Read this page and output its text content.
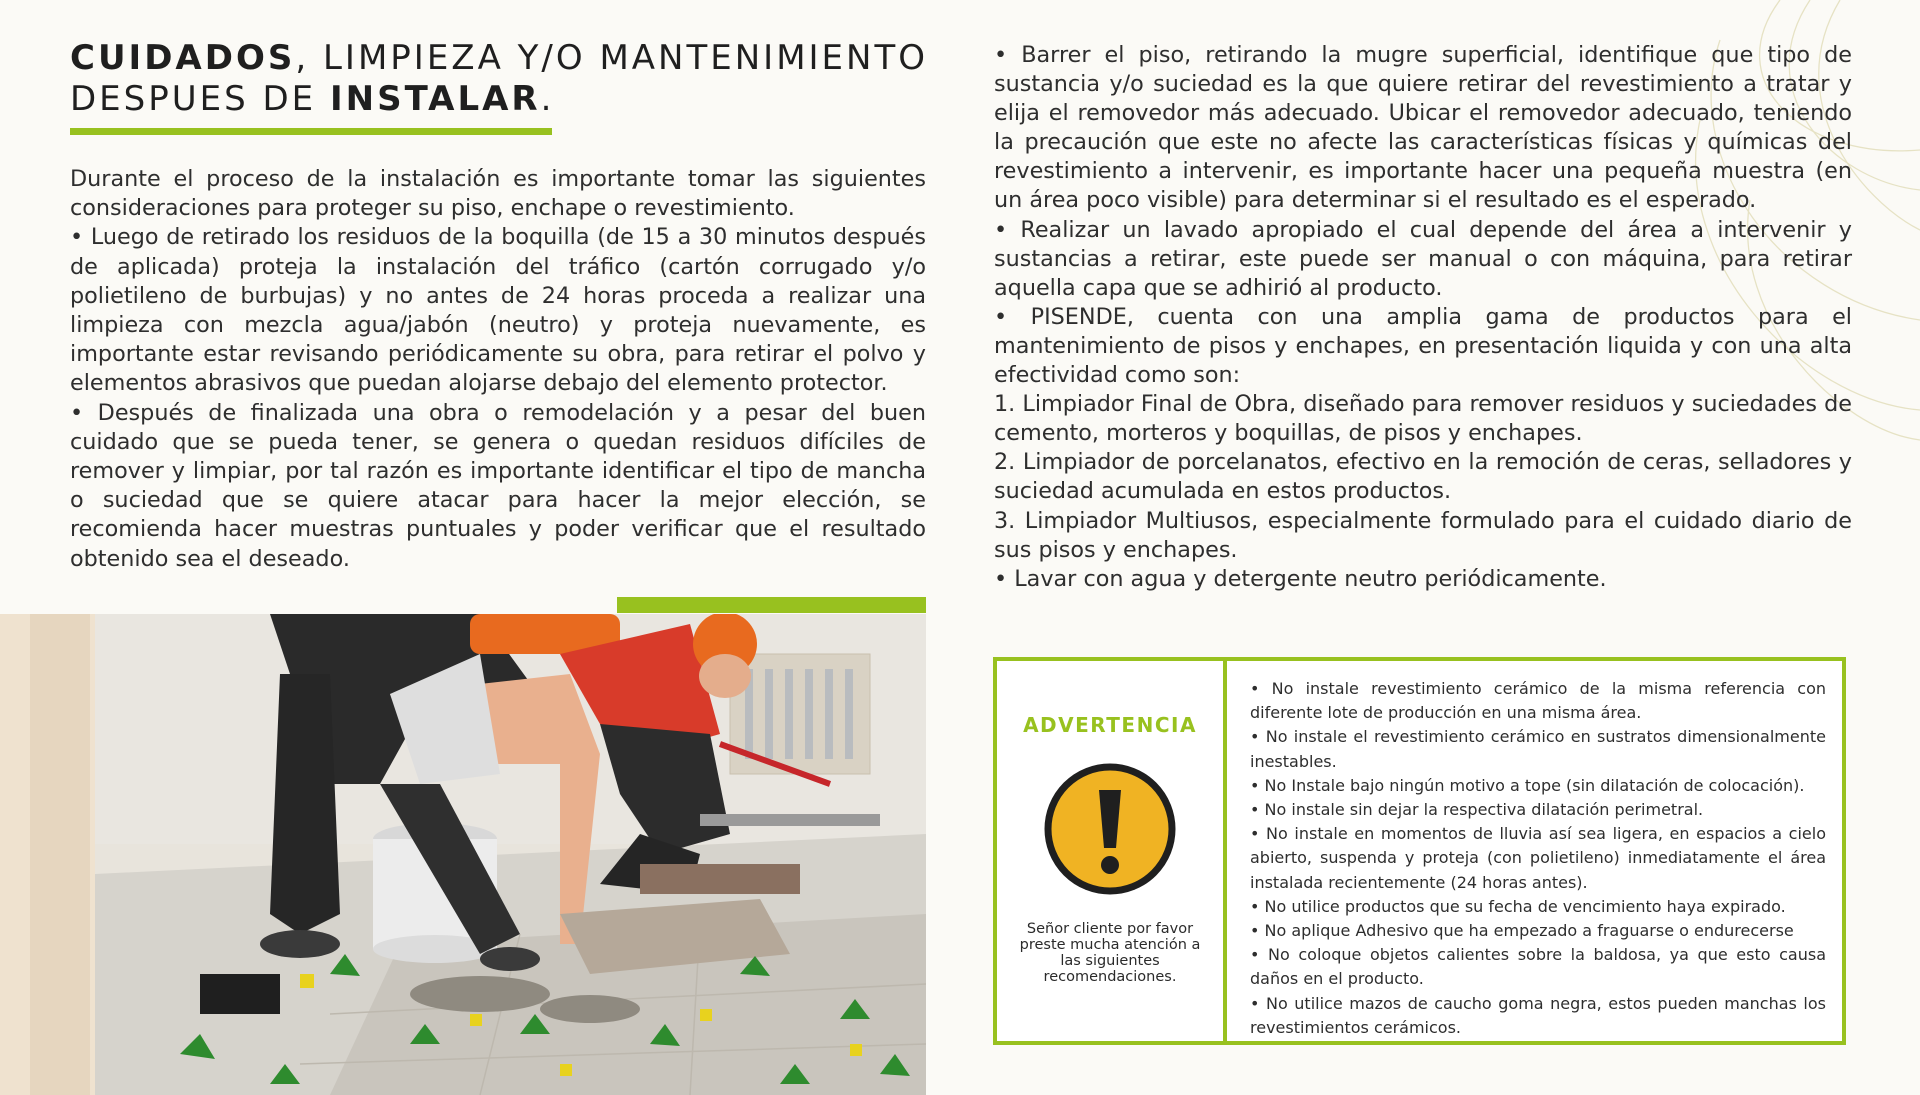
CUIDADOS, LIMPIEZA Y/O MANTENIMIENTO
DESPUES DE INSTALAR.

Durante el proceso de la instalación es importante tomar las siguientes consideraciones para proteger su piso, enchape o revestimiento.

• Luego de retirado los residuos de la boquilla (de 15 a 30 minutos después de aplicada) proteja la instalación del tráfico (cartón corrugado y/o polietileno de burbujas) y no antes de 24 horas proceda a realizar una limpieza con mezcla agua/jabón (neutro) y proteja nuevamente, es importante estar revisando periódicamente su obra, para retirar el polvo y elementos abrasivos que puedan alojarse debajo del elemento protector.

• Después de finalizada una obra o remodelación y a pesar del buen cuidado que se pueda tener, se genera o quedan residuos difíciles de remover y limpiar, por tal razón es importante identificar el tipo de mancha o suciedad que se quiere atacar para hacer la mejor elección, se recomienda hacer muestras puntuales y poder verificar que el resultado obtenido sea el deseado.

• Barrer el piso, retirando la mugre superficial, identifique que tipo de sustancia y/o suciedad es la que quiere retirar del revestimiento a tratar y elija el removedor más adecuado. Ubicar el removedor adecuado, teniendo la precaución que este no afecte las características físicas y químicas del revestimiento a intervenir, es importante hacer una pequeña muestra (en un área poco visible) para determinar si el resultado es el esperado.

• Realizar un lavado apropiado el cual depende del área a intervenir y sustancias a retirar, este puede ser manual o con máquina, para retirar aquella capa que se adhirió al producto.

• PISENDE, cuenta con una amplia gama de productos para el mantenimiento de pisos y enchapes, en presentación liquida y con una alta efectividad como son:

1. Limpiador Final de Obra, diseñado para remover residuos y suciedades de cemento, morteros y boquillas, de pisos y enchapes.

2. Limpiador de porcelanatos, efectivo en la remoción de ceras, selladores y suciedad acumulada en estos productos.

3. Limpiador Multiusos, especialmente formulado para el cuidado diario de sus pisos y enchapes.

• Lavar con agua y detergente neutro periódicamente.

ADVERTENCIA
Señor cliente por favor preste mucha atención a las siguientes recomendaciones.

• No instale revestimiento cerámico de la misma referencia con diferente lote de producción en una misma área.

• No instale el revestimiento cerámico en sustratos dimensionalmente inestables.

• No Instale bajo ningún motivo a tope (sin dilatación de colocación).

• No instale sin dejar la respectiva dilatación perimetral.

• No instale en momentos de lluvia así sea ligera, en espacios a cielo abierto, suspenda y proteja (con polietileno) inmediatamente el área instalada recientemente (24 horas antes).

• No utilice productos que su fecha de vencimiento haya expirado.

• No aplique Adhesivo que ha empezado a fraguarse o endurecerse

• No coloque objetos calientes sobre la baldosa, ya que esto causa daños en el producto.

• No utilice mazos de caucho goma negra, estos pueden manchas los revestimientos cerámicos.
